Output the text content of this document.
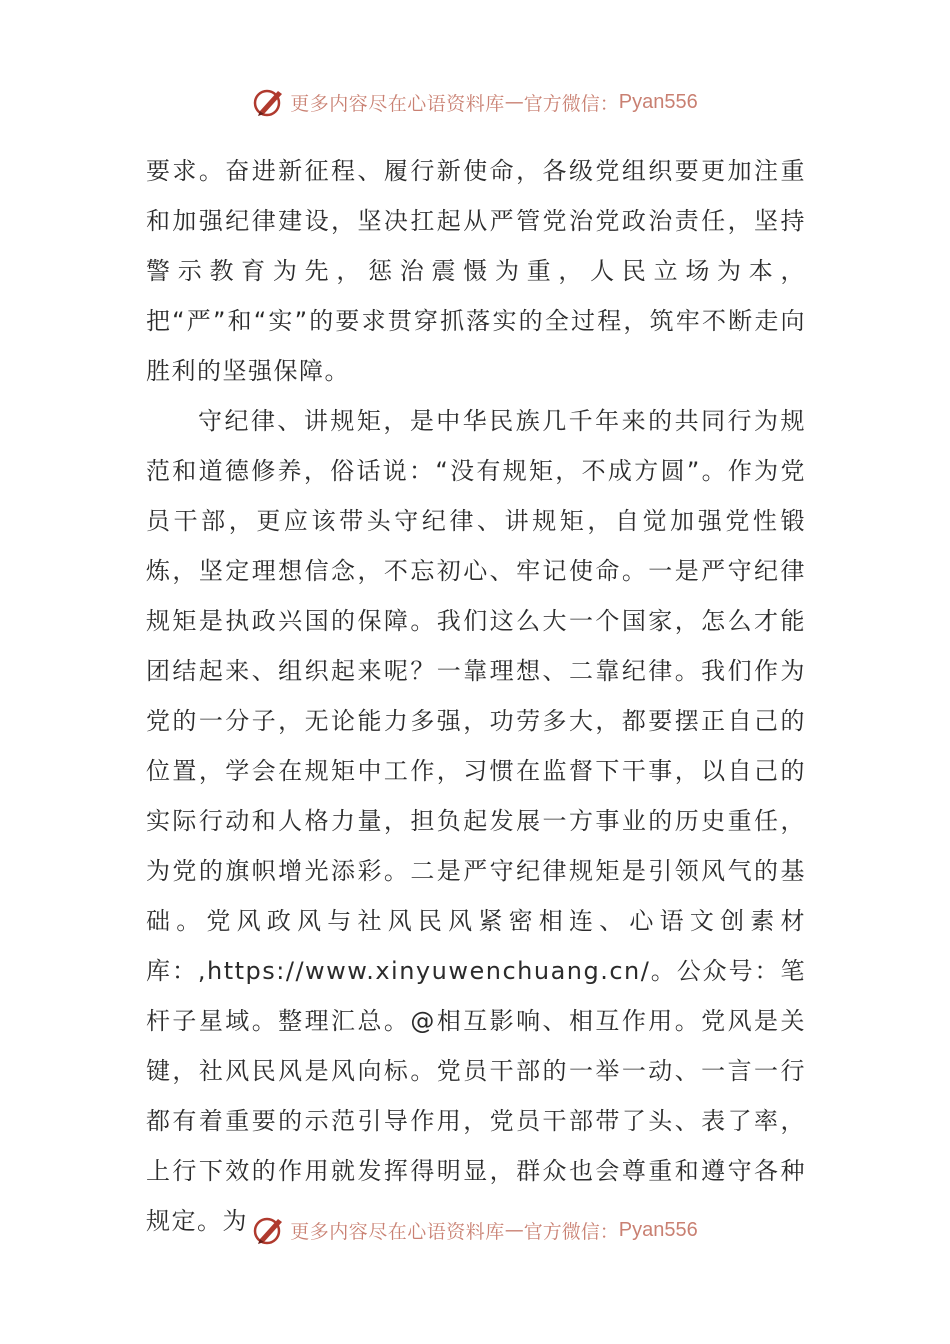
更多内容尽在心语资料库 — 官方微信： Pyan556

要求。奋进新征程、履行新使命，各级党组织要更加注重和加强纪律建设，坚决扛起从严管党治党政治责任，坚持警示教育为先，惩治震慑为重，人民立场为本，把“严”和“实”的要求贯穿抓落实的全过程，筑牢不断走向胜利的坚强保障。

守纪律、讲规矩，是中华民族几千年来的共同行为规范和道德修养，俗话说：“没有规矩，不成方圆”。作为党员干部，更应该带头守纪律、讲规矩，自觉加强党性锻炼，坚定理想信念，不忘初心、牢记使命。一是严守纪律规矩是执政兴国的保障。我们这么大一个国家，怎么才能团结起来、组织起来呢？一靠理想、二靠纪律。我们作为党的一分子，无论能力多强，功劳多大，都要摆正自己的位置，学会在规矩中工作，习惯在监督下干事，以自己的实际行动和人格力量，担负起发展一方事业的历史重任，为党的旗帜增光添彩。二是严守纪律规矩是引领风气的基础。党风政风与社风民风紧密相连、心语文创素材库：,https://www.xinyuwenchuang.cn/。公众号：笔杆子星域。整理汇总。@相互影响、相互作用。党风是关键，社风民风是风向标。党员干部的一举一动、一言一行都有着重要的示范引导作用，党员干部带了头、表了率，上行下效的作用就发挥得明显，群众也会尊重和遵守各种规定。为	更多内容尽在心语资料库 — 官方微信： Pyan556
